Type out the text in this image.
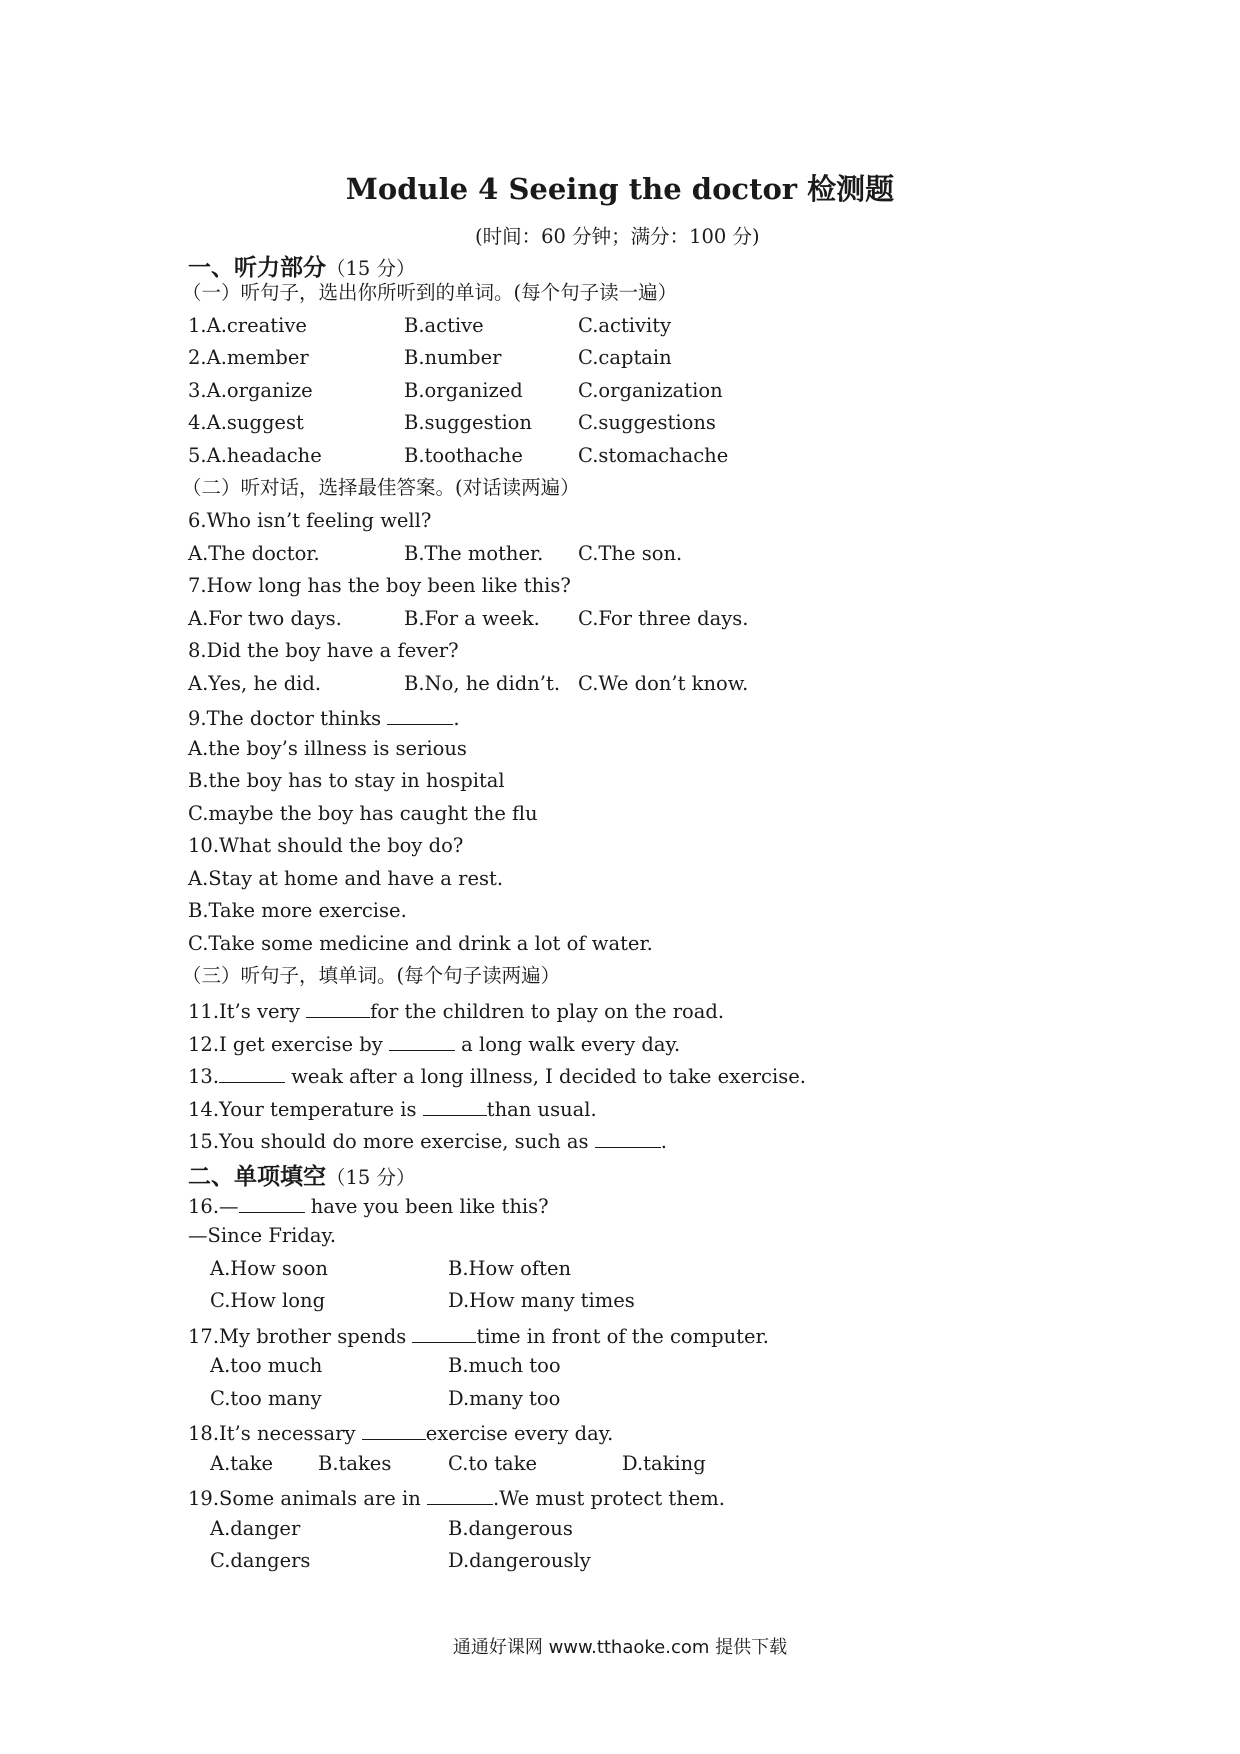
Module 4 Seeing the doctor 检测题
(时间：60 分钟；满分：100 分)
一、听力部分（15 分）
（一）听句子，选出你所听到的单词。(每个句子读一遍）
1.A.creative	B.active	C.activity
2.A.member	B.number	C.captain
3.A.organize	B.organized	C.organization
4.A.suggest	B.suggestion C.suggestions
5.A.headache	B.toothache	C.stomachache
（二）听对话，选择最佳答案。(对话读两遍）
6.Who isn’t feeling well?
A.The doctor.	B.The mother. C.The son.
7.How long has the boy been like this?
A.For two days.	B.For a week. C.For three days.
8.Did the boy have a fever?
A.Yes, he did.	B.No, he didn’t. C.We don’t know.
9.The doctor thinks	.
A.the boy’s illness is serious
B.the boy has to stay in hospital
C.maybe the boy has caught the flu
10.What should the boy do?
A.Stay at home and have a rest.
B.Take more exercise.
C.Take some medicine and drink a lot of water.
（三）听句子，填单词。(每个句子读两遍）
11.It’s very	for the children to play on the road.
12.I get exercise by	a long walk every day.
13.	weak after a long illness, I decided to take exercise.
14.Your temperature is	than usual.
15.You should do more exercise, such as	.
二、单项填空（15 分）
16.—	have you been like this?
—Since Friday.
A.How soon	B.How often
C.How long	D.How many times
17.My brother spends	time in front of the computer.
A.too much	B.much too
C.too many	D.many too
18.It’s necessary	exercise every day.
A.take B.takes	C.to take	D.taking
19.Some animals are in	.We must protect them.
A.danger	B.dangerous
C.dangers	D.dangerously
通通好课网 www.tthaoke.com 提供下载
